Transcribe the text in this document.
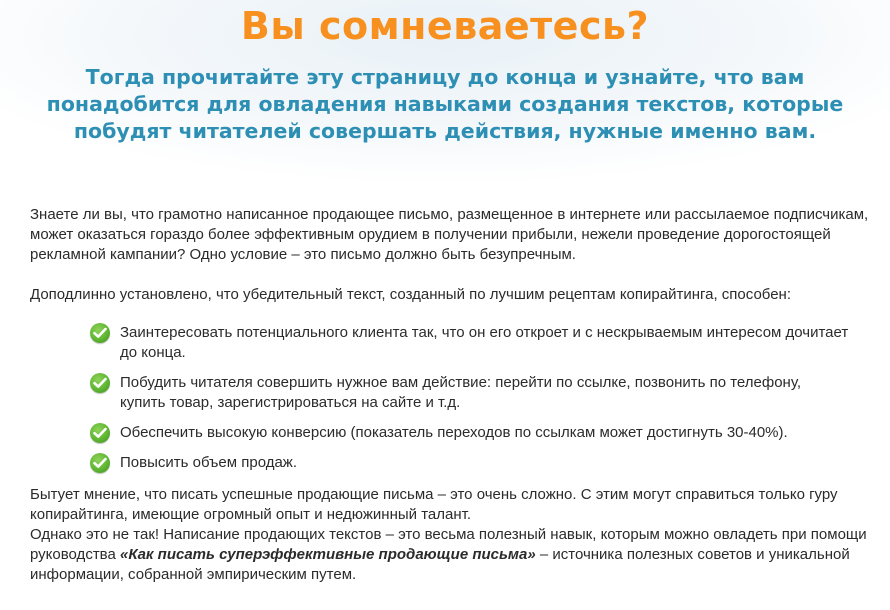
Вы сомневаетесь?

Тогда прочитайте эту страницу до конца и узнайте, что вам понадобится для овладения навыками создания текстов, которые побудят читателей совершать действия, нужные именно вам.

Знаете ли вы, что грамотно написанное продающее письмо, размещенное в интернете или рассылаемое подписчикам, может оказаться гораздо более эффективным орудием в получении прибыли, нежели проведение дорогостоящей рекламной кампании? Одно условие – это письмо должно быть безупречным.

Доподлинно установлено, что убедительный текст, созданный по лучшим рецептам копирайтинга, способен:

Заинтересовать потенциального клиента так, что он его откроет и с нескрываемым интересом дочитает до конца.
Побудить читателя совершить нужное вам действие: перейти по ссылке, позвонить по телефону, купить товар, зарегистрироваться на сайте и т.д.
Обеспечить высокую конверсию (показатель переходов по ссылкам может достигнуть 30-40%).
Повысить объем продаж.

Бытует мнение, что писать успешные продающие письма – это очень сложно. С этим могут справиться только гуру копирайтинга, имеющие огромный опыт и недюжинный талант.

Однако это не так! Написание продающих текстов – это весьма полезный навык, которым можно овладеть при помощи руководства «Как писать суперэффективные продающие письма» – источника полезных советов и уникальной информации, собранной эмпирическим путем.
